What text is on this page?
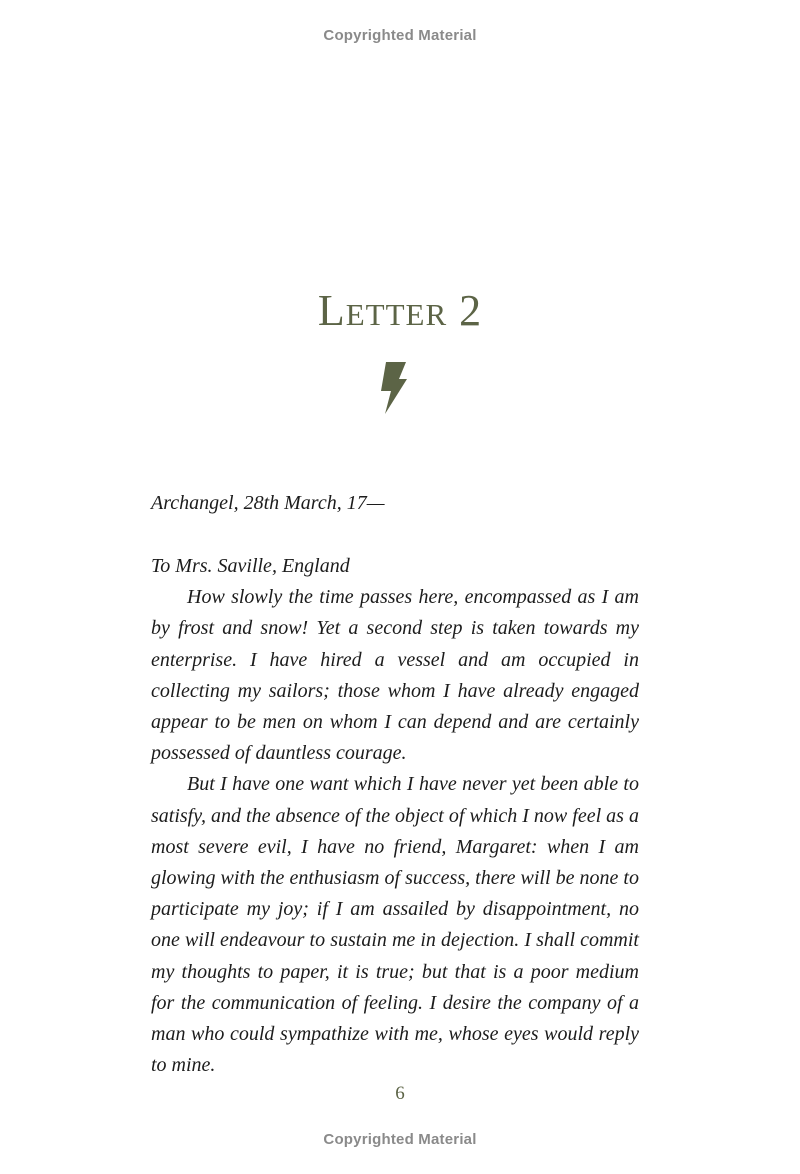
Copyrighted Material
Letter 2
Archangel, 28th March, 17—

To Mrs. Saville, England

How slowly the time passes here, encompassed as I am by frost and snow! Yet a second step is taken towards my enterprise. I have hired a vessel and am occupied in collecting my sailors; those whom I have already engaged appear to be men on whom I can depend and are certainly possessed of dauntless courage.

But I have one want which I have never yet been able to satisfy, and the absence of the object of which I now feel as a most severe evil, I have no friend, Margaret: when I am glowing with the enthusiasm of success, there will be none to participate my joy; if I am assailed by disappointment, no one will endeavour to sustain me in dejection. I shall commit my thoughts to paper, it is true; but that is a poor medium for the communication of feeling. I desire the company of a man who could sympathize with me, whose eyes would reply to mine.

6
Copyrighted Material
